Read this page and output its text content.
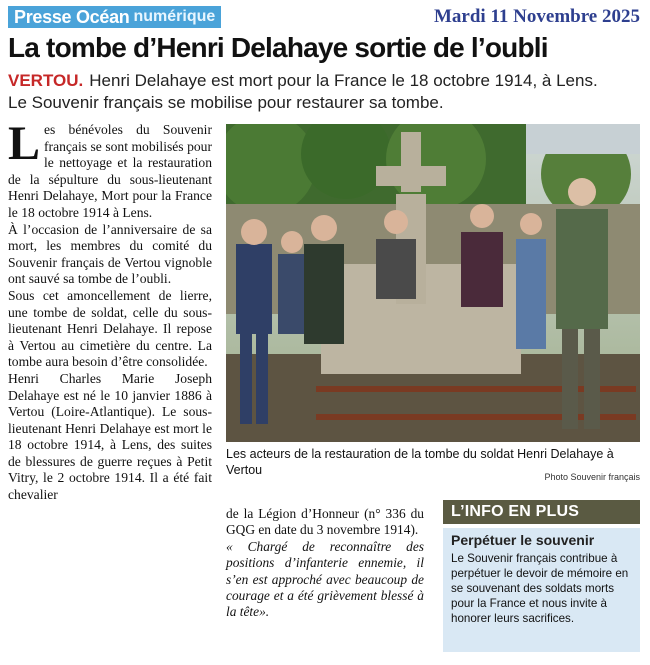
Presse Océan numérique	Mardi 11 Novembre 2025
La tombe d’Henri Delahaye sortie de l’oubli
VERTOU. Henri Delahaye est mort pour la France le 18 octobre 1914, à Lens. Le Souvenir français se mobilise pour restaurer sa tombe.

Les bénévoles du Souvenir français se sont mobilisés pour le nettoyage et la restauration de la sépulture du sous-lieutenant Henri Delahaye, Mort pour la France le 18 octobre 1914 à Lens.

À l’occasion de l’anniversaire de sa mort, les membres du comité du Souvenir français de Vertou vignoble ont sauvé sa tombe de l’oubli.

Sous cet amoncellement de lierre, une tombe de soldat, celle du sous-lieutenant Henri Delahaye. Il repose à Vertou au cimetière du centre. La tombe aura besoin d’être consolidée.

Henri Charles Marie Joseph Delahaye est né le 10 janvier 1886 à Vertou (Loire-Atlantique). Le sous-lieutenant Henri Delahaye est mort le 18 octobre 1914, à Lens, des suites de blessures de guerre reçues à Petit Vitry, le 2 octobre 1914. Il a été fait chevalier

Les acteurs de la restauration de la tombe du soldat Henri Delahaye à Vertou	Photo Souvenir français

de la Légion d’Honneur (n° 336 du GQG en date du 3 novembre 1914).

« Chargé de reconnaître des positions d’infanterie ennemie, il s’en est approché avec beaucoup de courage et a été grièvement blessé à la tête».

L’INFO EN PLUS
Perpétuer le souvenir
Le Souvenir français contribue à perpétuer le devoir de mémoire en se souvenant des soldats morts pour la France et nous invite à honorer leurs sacrifices.
